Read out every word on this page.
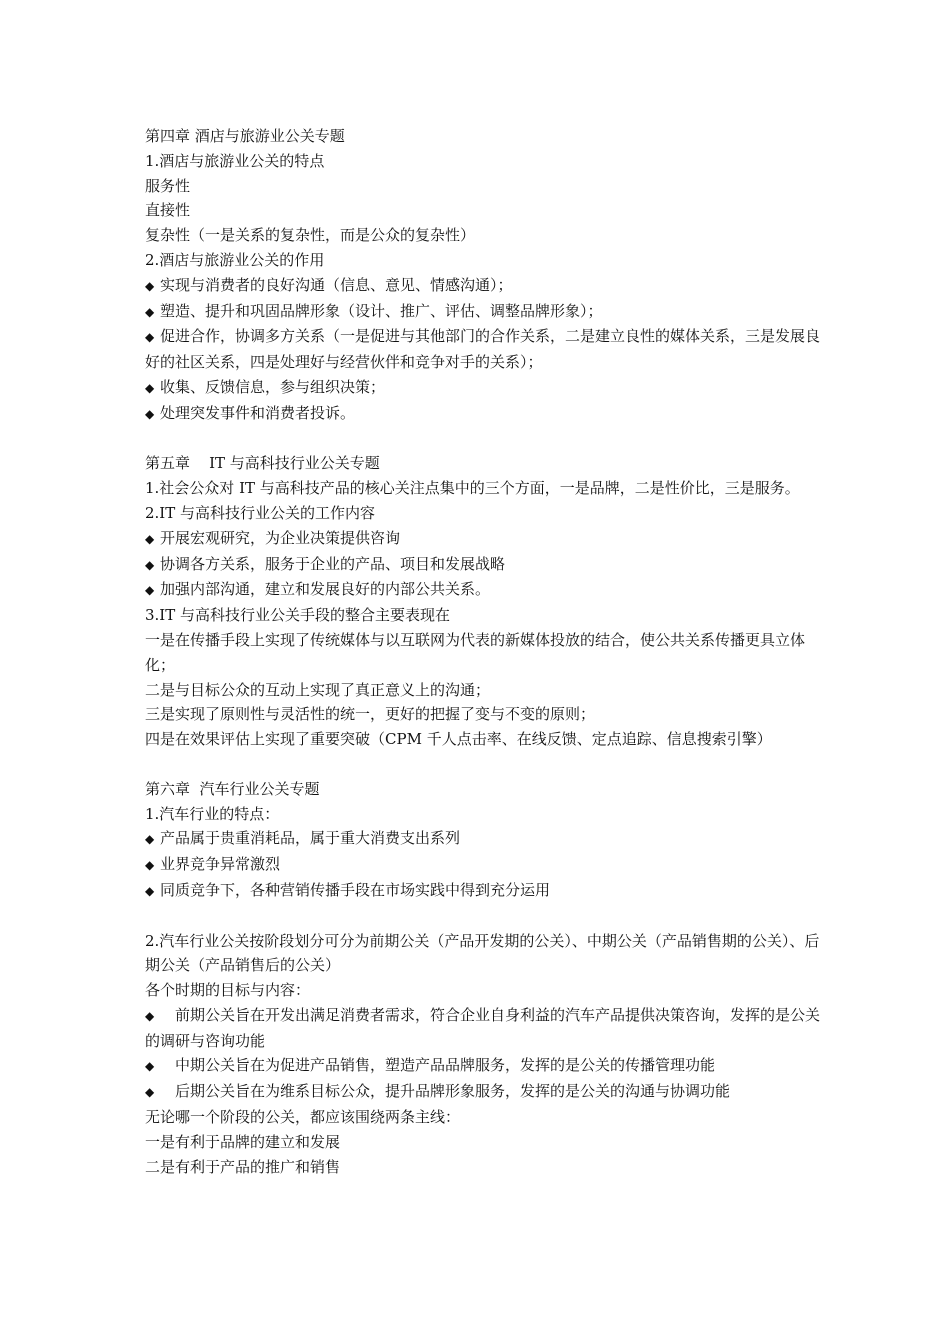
第四章 酒店与旅游业公关专题

1.酒店与旅游业公关的特点

服务性

直接性

复杂性（一是关系的复杂性，而是公众的复杂性）

2.酒店与旅游业公关的作用

◆ 实现与消费者的良好沟通（信息、意见、情感沟通）；

◆ 塑造、提升和巩固品牌形象（设计、推广、评估、调整品牌形象）；

◆ 促进合作，协调多方关系（一是促进与其他部门的合作关系，二是建立良性的媒体关系，三是发展良好的社区关系，四是处理好与经营伙伴和竞争对手的关系）；

◆ 收集、反馈信息，参与组织决策；

◆ 处理突发事件和消费者投诉。

第五章    IT 与高科技行业公关专题

1.社会公众对 IT 与高科技产品的核心关注点集中的三个方面，一是品牌，二是性价比，三是服务。

2.IT 与高科技行业公关的工作内容

◆ 开展宏观研究，为企业决策提供咨询

◆ 协调各方关系，服务于企业的产品、项目和发展战略

◆ 加强内部沟通，建立和发展良好的内部公共关系。

3.IT 与高科技行业公关手段的整合主要表现在

一是在传播手段上实现了传统媒体与以互联网为代表的新媒体投放的结合，使公共关系传播更具立体化；

二是与目标公众的互动上实现了真正意义上的沟通；

三是实现了原则性与灵活性的统一，更好的把握了变与不变的原则；

四是在效果评估上实现了重要突破（CPM 千人点击率、在线反馈、定点追踪、信息搜索引擎）

第六章  汽车行业公关专题

1.汽车行业的特点：

◆ 产品属于贵重消耗品，属于重大消费支出系列

◆ 业界竞争异常激烈

◆ 同质竞争下，各种营销传播手段在市场实践中得到充分运用

2.汽车行业公关按阶段划分可分为前期公关（产品开发期的公关）、中期公关（产品销售期的公关）、后期公关（产品销售后的公关）

各个时期的目标与内容：

◆ 前期公关旨在开发出满足消费者需求，符合企业自身利益的汽车产品提供决策咨询，发挥的是公关的调研与咨询功能

◆ 中期公关旨在为促进产品销售，塑造产品品牌服务，发挥的是公关的传播管理功能

◆ 后期公关旨在为维系目标公众，提升品牌形象服务，发挥的是公关的沟通与协调功能

无论哪一个阶段的公关，都应该围绕两条主线：

一是有利于品牌的建立和发展

二是有利于产品的推广和销售
